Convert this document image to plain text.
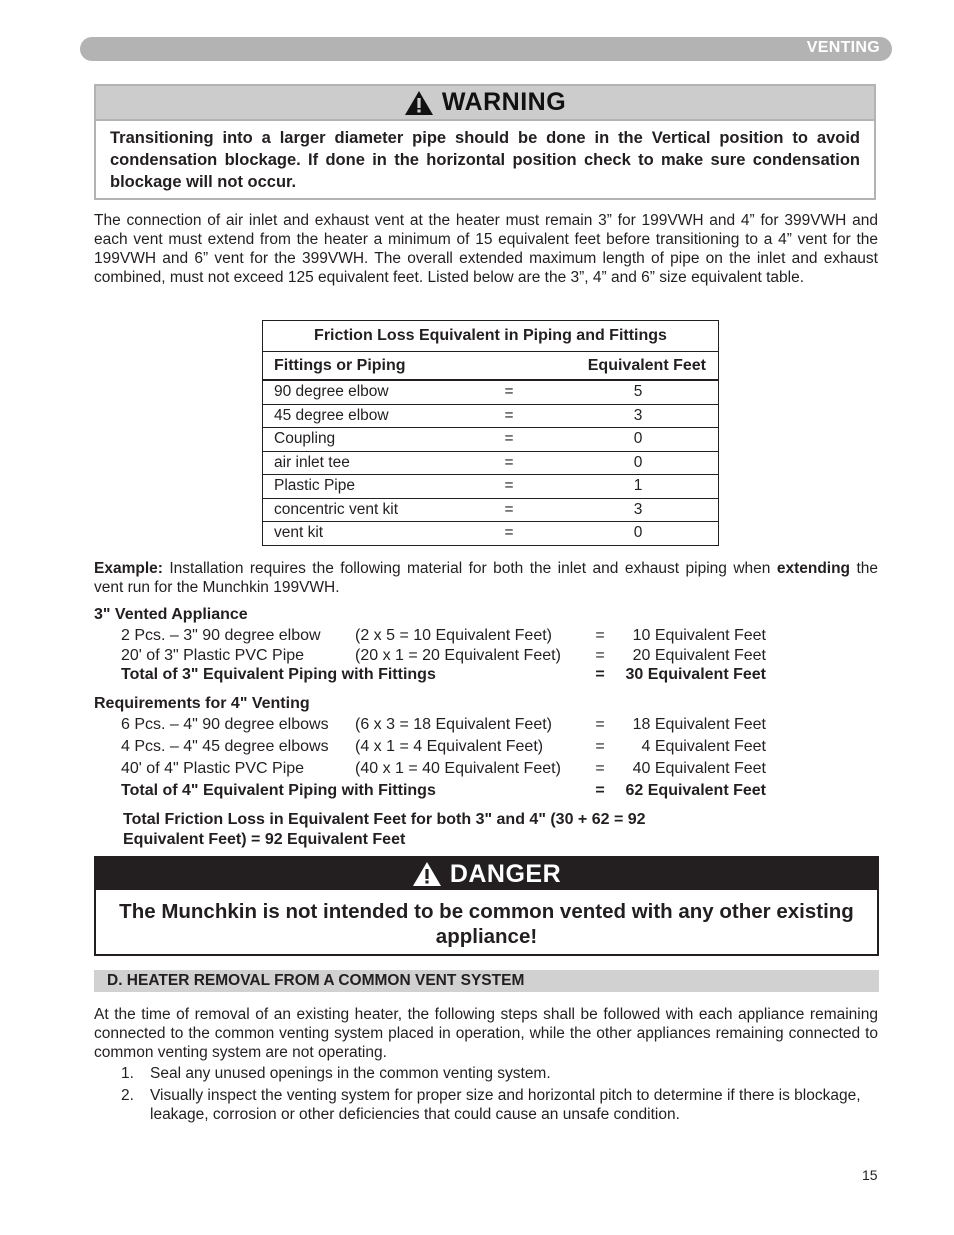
VENTING
WARNING
Transitioning into a larger diameter pipe should be done in the Vertical position to avoid condensation blockage. If done in the horizontal position check to make sure condensation blockage will not occur.
The connection of air inlet and exhaust vent at the heater must remain 3” for 199VWH and 4” for 399VWH and each vent must extend from the heater a minimum of 15 equivalent feet before transitioning to a 4” vent for the 199VWH and 6” vent for the 399VWH. The overall extended maximum length of pipe on the inlet and exhaust combined, must not exceed 125 equivalent feet. Listed below are the 3”, 4” and 6” size equivalent table.
Friction Loss Equivalent in Piping and Fittings
Fittings or Piping	Equivalent Feet
90 degree elbow	=	5
45 degree elbow	=	3
Coupling	=	0
air inlet tee	=	0
Plastic Pipe	=	1
concentric vent kit	=	3
vent kit	=	0
Example: Installation requires the following material for both the inlet and exhaust piping when extending the vent run for the Munchkin 199VWH.
3" Vented Appliance
2 Pcs. – 3" 90 degree elbow (2 x 5 = 10 Equivalent Feet)	=	10 Equivalent Feet
20' of 3" Plastic PVC Pipe	(20 x 1 = 20 Equivalent Feet) =	20 Equivalent Feet
Total of 3" Equivalent Piping with Fittings	=	30 Equivalent Feet
Requirements for 4" Venting
6 Pcs. – 4" 90 degree elbows (6 x 3 = 18 Equivalent Feet)	=	18 Equivalent Feet
4 Pcs. – 4" 45 degree elbows (4 x 1 = 4 Equivalent Feet)	=	4 Equivalent Feet
40' of 4" Plastic PVC Pipe	(40 x 1 = 40 Equivalent Feet) =	40 Equivalent Feet
Total of 4" Equivalent Piping with Fittings	=	62 Equivalent Feet
Total Friction Loss in Equivalent Feet for both 3" and 4" (30 + 62 = 92 Equivalent Feet) = 92 Equivalent Feet
DANGER
The Munchkin is not intended to be common vented with any other existing appliance!
D. HEATER REMOVAL FROM A COMMON VENT SYSTEM
At the time of removal of an existing heater, the following steps shall be followed with each appliance remaining connected to the common venting system placed in operation, while the other appliances remaining connected to common venting system are not operating.
1. Seal any unused openings in the common venting system.
2. Visually inspect the venting system for proper size and horizontal pitch to determine if there is blockage, leakage, corrosion or other deficiencies that could cause an unsafe condition.
15
